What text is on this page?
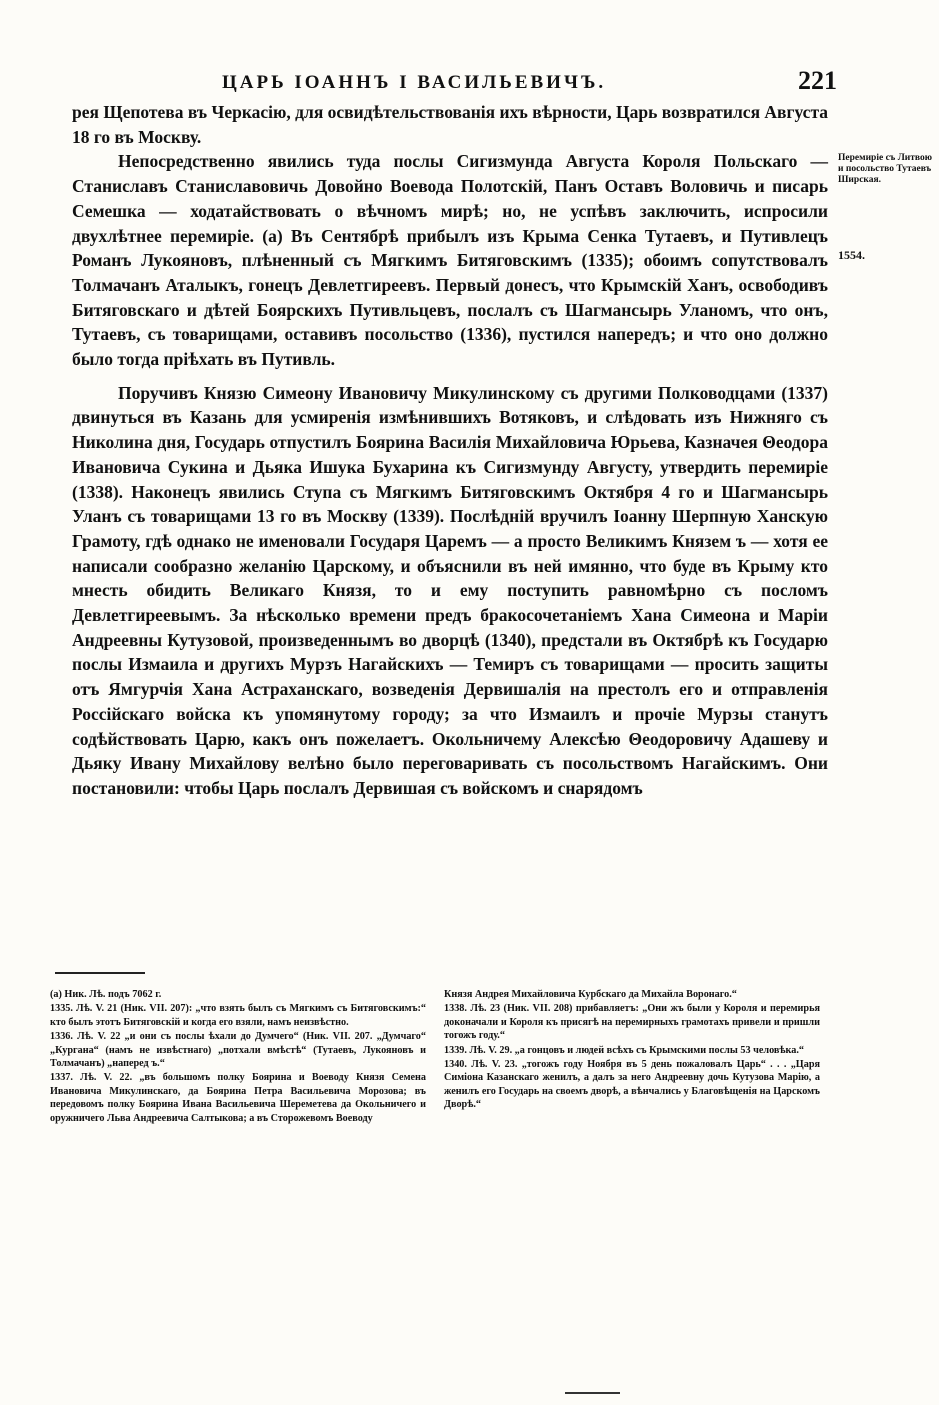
ЦАРЬ ІОАННЪ І ВАСИЛЬЕВИЧЪ.	221

рея Щепотева въ Черкасію, для освидѣтельствованія ихъ вѣрности, Царь возвратился Августа 18 го въ Москву.

Непосредственно явились туда послы Сигизмунда Августа Короля Польскаго — Станиславъ Станиславовичь Довойно Воевода Полотскій, Панъ Оставъ Воловичь и писарь Семешка — ходатайствовать о вѣчномъ мирѣ; но, не успѣвъ заключить, испросили двухлѣтнее перемиріе. (а) Въ Сентябрѣ прибылъ изъ Крыма Сенка Тутаевъ, и Путивлецъ Романъ Лукояновъ, плѣненный съ Мягкимъ Битяговскимъ (1335); обоимъ сопутствовалъ Толмачанъ Аталыкъ, гонецъ Девлетгиреевъ. Первый донесъ, что Крымскій Ханъ, освободивъ Битяговскаго и дѣтей Боярскихъ Путивльцевъ, послалъ съ Шагмансырь Уланомъ, что онъ, Тутаевъ, съ товарищами, оставивъ посольство (1336), пустился напередъ; и что оно должно было тогда пріѣхать въ Путивль.

Поручивъ Князю Симеону Ивановичу Микулинскому съ другими Полководцами (1337) двинуться въ Казань для усмиренія измѣнившихъ Вотяковъ, и слѣдовать изъ Нижняго съ Николина дня, Государь отпустилъ Боярина Василія Михайловича Юрьева, Казначея Θеодора Ивановича Сукина и Дьяка Ишука Бухарина къ Сигизмунду Августу, утвердить перемиріе (1338). Наконецъ явились Ступа съ Мягкимъ Битяговскимъ Октября 4 го и Шагмансырь Уланъ съ товарищами 13 го въ Москву (1339). Послѣдній вручилъ Іоанну Шерпную Ханскую Грамоту, гдѣ однако не именовали Государя Царемъ — а просто Великимъ Князем ъ — хотя ее написали сообразно желанію Царскому, и объяснили въ ней имянно, что буде въ Крыму кто мнесть обидить Великаго Князя, то и ему поступить равномѣрно съ посломъ Девлетгиреевымъ. За нѣсколько времени предъ бракосочетаніемъ Хана Симеона и Маріи Андреевны Кутузовой, произведеннымъ во дворцѣ (1340), предстали въ Октябрѣ къ Государю послы Измаила и другихъ Мурзъ Нагайскихъ — Темиръ съ товарищами — просить защиты отъ Ямгурчія Хана Астраханскаго, возведенія Дервишалія на престолъ его и отправленія Россійскаго войска къ упомянутому городу; за что Измаилъ и прочіе Мурзы станутъ содѣйствовать Царю, какъ онъ пожелаетъ. Окольничему Алексѣю Θеодоровичу Адашеву и Дьяку Ивану Михайлову велѣно было переговаривать съ посольствомъ Нагайскимъ. Они постановили: чтобы Царь послалъ Дервишая съ войскомъ и снарядомъ

Перемиріе съ Литвою и посольство Тутаевъ Ширская.
1554.
(а) Ник. Лѣ. подъ 7062 г.
1335. Лѣ. V. 21 (Ник. VII. 207): „что взять былъ съ Мягкимъ съ Битяговскимъ:“ кто былъ этотъ Битяговскій и когда его взяли, намъ неизвѣстно.
1336. Лѣ. V. 22 „и они съ послы ѣхали до Думчего“ (Ник. VII. 207. „Думчаго“ „Кургана“ (намъ не извѣстнаго) „потхали вмѣстѣ“ (Тутаевъ, Лукояновъ и Толмачанъ) „наперед ъ.“
1337. Лѣ. V. 22. „въ большомъ полку Боярина и Воеводу Князя Семена Ивановича Микулинскаго, да Боярина Петра Васильевича Морозова; въ передовомъ полку Боярина Ивана Васильевича Шереметева да Окольничего и оружничего Льва Андреевича Салтыкова; а въ Сторожевомъ Воеводу
Князя Андрея Михайловича Курбскаго да Михайла Воронаго.“
1338. Лѣ. 23 (Ник. VII. 208) прибавляетъ: „Они жъ были у Короля и перемирья доконачали и Короля къ присягѣ на перемирныхъ грамотахъ привели и пришли тогожъ году.“
1339. Лѣ. V. 29. „а гонцовъ и людей всѣхъ съ Крымскими послы 53 человѣка.“
1340. Лѣ. V. 23. „тогожъ году Ноября въ 5 день пожаловалъ Царь“ . . . „Царя Симіона Казанскаго женилъ, а далъ за него Андреевну дочь Кутузова Марію, а женилъ его Государь на своемъ дворѣ, а вѣнчались у Благовѣщенія на Царскомъ Дворѣ.“
